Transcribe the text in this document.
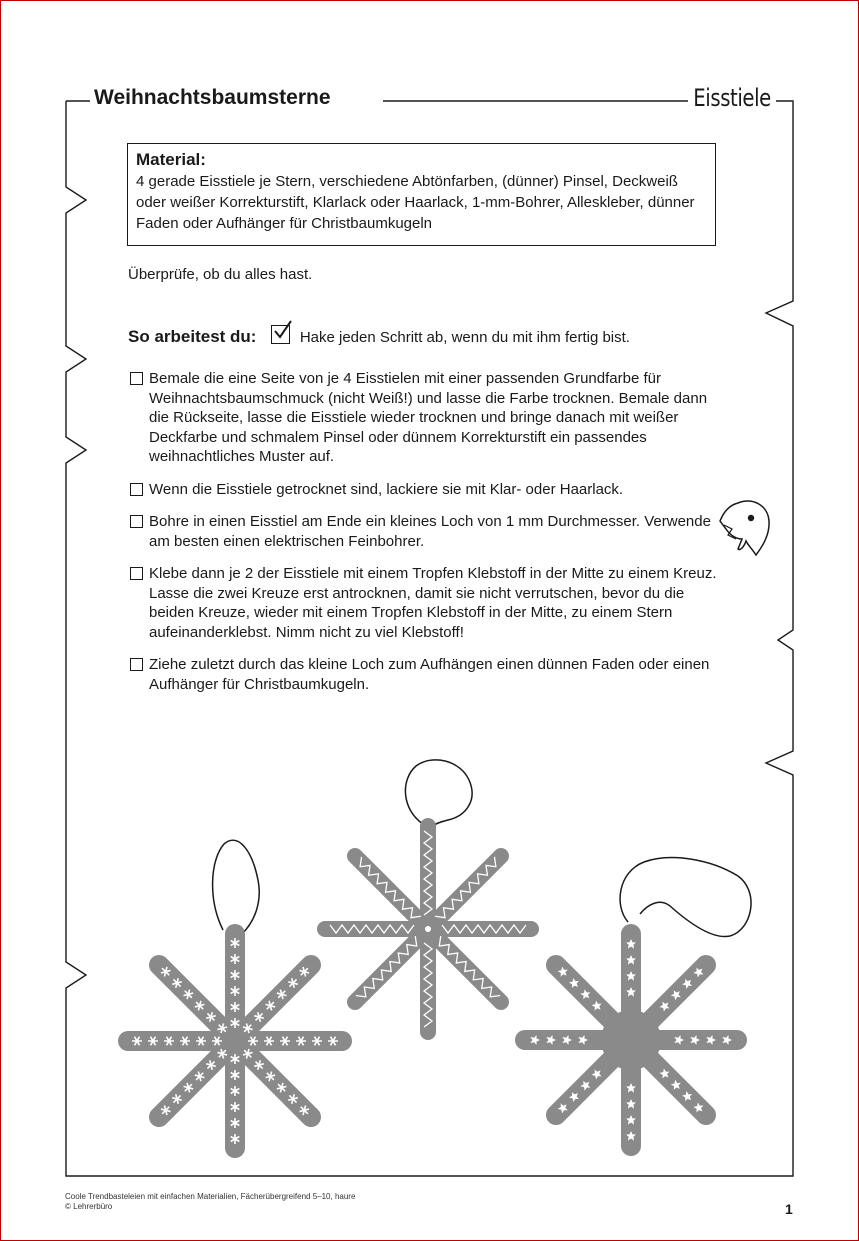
Weihnachtsbaumsterne	Eisstiele
Material:

4 gerade Eisstiele je Stern, verschiedene Abtönfarben, (dünner) Pinsel, Deckweiß oder weißer Korrekturstift, Klarlack oder Haarlack, 1-mm-Bohrer, Alleskleber, dünner Faden oder Aufhänger für Christbaumkugeln

Überprüfe, ob du alles hast.
So arbeitest du:	Hake jeden Schritt ab, wenn du mit ihm fertig bist.
Bemale die eine Seite von je 4 Eisstielen mit einer passenden Grundfarbe für Weihnachtsbaumschmuck (nicht Weiß!) und lasse die Farbe trocknen. Bemale dann die Rückseite, lasse die Eisstiele wieder trocknen und bringe danach mit weißer Deckfarbe und schmalem Pinsel oder dünnem Korrekturstift ein passendes weihnachtliches Muster auf.
Wenn die Eisstiele getrocknet sind, lackiere sie mit Klar- oder Haarlack.
Bohre in einen Eisstiel am Ende ein kleines Loch von 1 mm Durchmesser. Verwende am besten einen elektrischen Feinbohrer.
Klebe dann je 2 der Eisstiele mit einem Tropfen Klebstoff in der Mitte zu einem Kreuz. Lasse die zwei Kreuze erst antrocknen, damit sie nicht verrutschen, bevor du die beiden Kreuze, wieder mit einem Tropfen Klebstoff in der Mitte, zu einem Stern aufeinanderklebst. Nimm nicht zu viel Klebstoff!
Ziehe zuletzt durch das kleine Loch zum Aufhängen einen dünnen Faden oder einen Aufhänger für Christbaumkugeln.
Coole Trendbasteleien mit einfachen Materialien, Fächerübergreifend 5–10, haure
© Lehrerbüro	1
